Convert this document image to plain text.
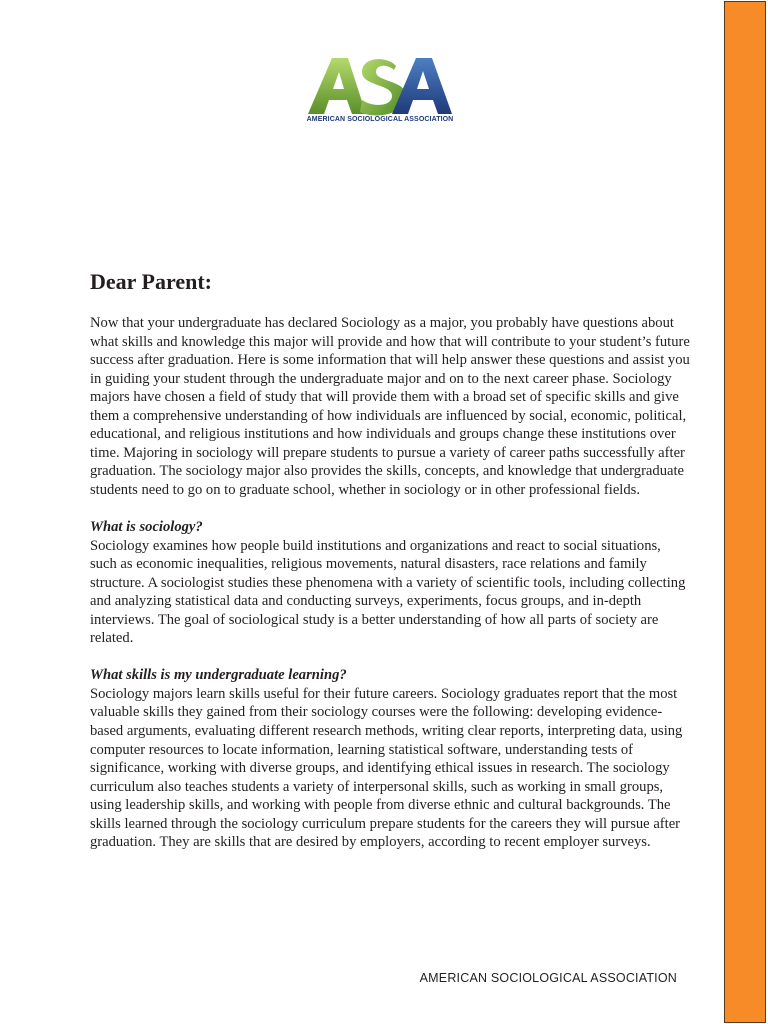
AMERICAN SOCIOLOGICAL ASSOCIATION
Dear Parent:

Now that your undergraduate has declared Sociology as a major, you probably have questions about what skills and knowledge this major will provide and how that will contribute to your student’s future success after graduation. Here is some information that will help answer these questions and assist you in guiding your student through the undergraduate major and on to the next career phase. Sociology majors have chosen a field of study that will provide them with a broad set of specific skills and give them a comprehensive understanding of how individuals are influenced by social, economic, political, educational, and religious institutions and how individuals and groups change these institutions over time. Majoring in sociology will prepare students to pursue a variety of career paths successfully after graduation. The sociology major also provides the skills, concepts, and knowledge that undergraduate students need to go on to graduate school, whether in sociology or in other professional fields.

What is sociology?

Sociology examines how people build institutions and organizations and react to social situations, such as economic inequalities, religious movements, natural disasters, race relations and family structure. A sociologist studies these phenomena with a variety of scientific tools, including collecting and analyzing statistical data and conducting surveys, experiments, focus groups, and in-depth interviews. The goal of sociological study is a better understanding of how all parts of society are related.

What skills is my undergraduate learning?

Sociology majors learn skills useful for their future careers. Sociology graduates report that the most valuable skills they gained from their sociology courses were the following: developing evidence-based arguments, evaluating different research methods, writing clear reports, interpreting data, using computer resources to locate information, learning statistical software, understanding tests of significance, working with diverse groups, and identifying ethical issues in research. The sociology curriculum also teaches students a variety of interpersonal skills, such as working in small groups, using leadership skills, and working with people from diverse ethnic and cultural backgrounds. The skills learned through the sociology curriculum prepare students for the careers they will pursue after graduation. They are skills that are desired by employers, according to recent employer surveys.

AMERICAN SOCIOLOGICAL ASSOCIATION
